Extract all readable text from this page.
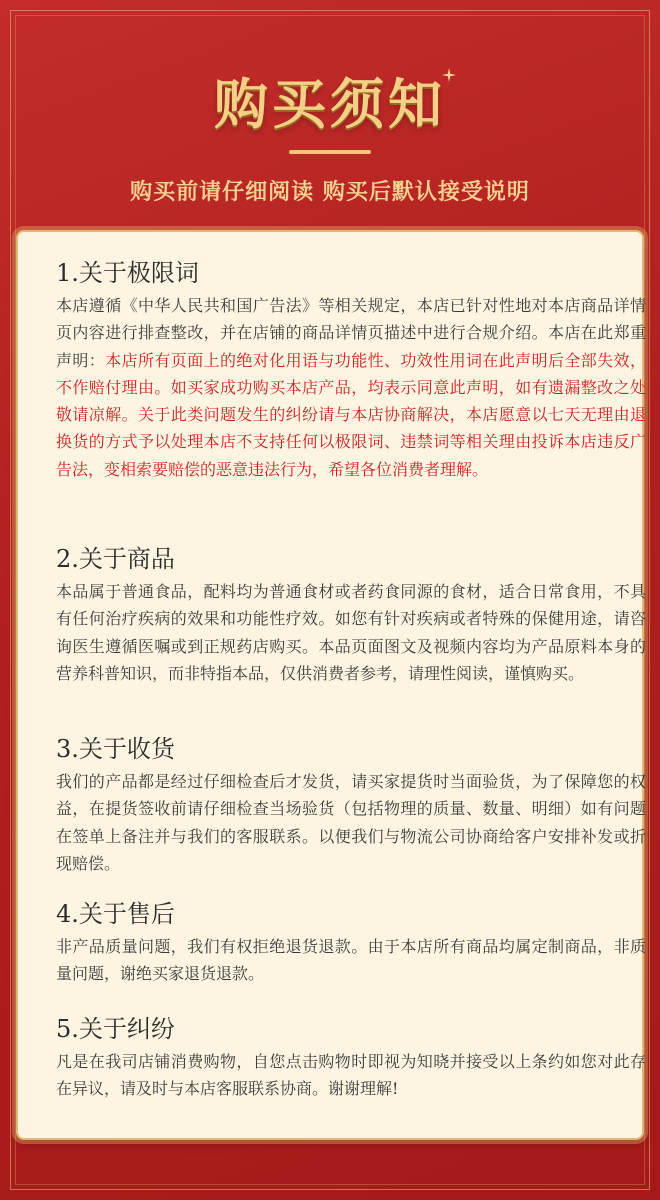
购买须知
购买前请仔细阅读 购买后默认接受说明
1.关于极限词
本店遵循《中华人民共和国广告法》等相关规定，本店已针对性地对本店商品详情页内容进行排查整改，并在店铺的商品详情页描述中进行合规介绍。本店在此郑重声明：本店所有页面上的绝对化用语与功能性、功效性用词在此声明后全部失效，不作赔付理由。如买家成功购买本店产品，均表示同意此声明，如有遗漏整改之处敬请凉解。关于此类问题发生的纠纷请与本店协商解决，本店愿意以七天无理由退换货的方式予以处理本店不支持任何以极限词、违禁词等相关理由投诉本店违反广告法，变相索要赔偿的恶意违法行为，希望各位消费者理解。
2.关于商品
本品属于普通食品，配料均为普通食材或者药食同源的食材，适合日常食用，不具有任何治疗疾病的效果和功能性疗效。如您有针对疾病或者特殊的保健用途，请咨询医生遵循医嘱或到正规药店购买。本品页面图文及视频内容均为产品原料本身的营养科普知识，而非特指本品，仅供消费者参考，请理性阅读，谨慎购买。
3.关于收货
我们的产品都是经过仔细检查后才发货，请买家提货时当面验货，为了保障您的权益，在提货签收前请仔细检查当场验货（包括物理的质量、数量、明细）如有问题在签单上备注并与我们的客服联系。以便我们与物流公司协商给客户安排补发或折现赔偿。
4.关于售后
非产品质量问题，我们有权拒绝退货退款。由于本店所有商品均属定制商品，非质量问题，谢绝买家退货退款。
5.关于纠纷
凡是在我司店铺消费购物，自您点击购物时即视为知晓并接受以上条约如您对此存在异议，请及时与本店客服联系协商。谢谢理解!
